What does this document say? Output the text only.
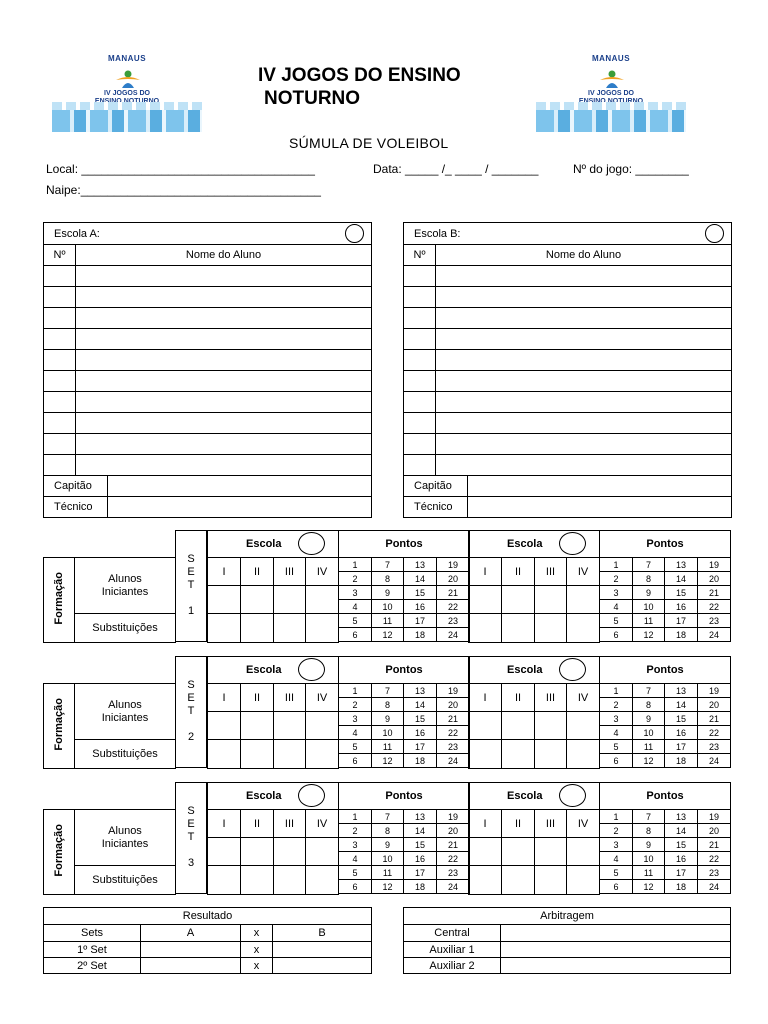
MANAUS
IV JOGOS DO
MANAUS
IV JOGOS DO
IV JOGOS DO ENSINO
NOTURNO
SÚMULA DE VOLEIBOL
Local: ___________________________________	Data: _____ /_ ____ / _______	Nº do jogo: ________
Naipe:____________________________________
Escola A:		
Nº	Nome do Aluno	

Capitão		
Técnico		
Escola B:		
Nº	Nome do Aluno	

Capitão		
Técnico		
Formação	Alunos Iniciantes
Substituições
S
E
T
1
Escola			
I	II	III	IV

Pontos			
1	7	13	19
2	8	14	20
3	9	15	21
4	10	16	22
5	11	17	23
6	12	18	24
Escola			
I	II	III	IV

Pontos			
1	7	13	19
2	8	14	20
3	9	15	21
4	10	16	22
5	11	17	23
6	12	18	24
Formação	Alunos Iniciantes
Substituições
S
E
T
2
Escola			
I	II	III	IV

Pontos			
1	7	13	19
2	8	14	20
3	9	15	21
4	10	16	22
5	11	17	23
6	12	18	24
Escola			
I	II	III	IV

Pontos			
1	7	13	19
2	8	14	20
3	9	15	21
4	10	16	22
5	11	17	23
6	12	18	24
Formação	Alunos Iniciantes
Substituições
S
E
T
3
Escola			
I	II	III	IV

Pontos			
1	7	13	19
2	8	14	20
3	9	15	21
4	10	16	22
5	11	17	23
6	12	18	24
Escola			
I	II	III	IV

Pontos			
1	7	13	19
2	8	14	20
3	9	15	21
4	10	16	22
5	11	17	23
6	12	18	24
Resultado			
Sets	A	x	B
1º Set		x	
2º Set		x	
Arbitragem	
Central	
Auxiliar 1	
Auxiliar 2	
